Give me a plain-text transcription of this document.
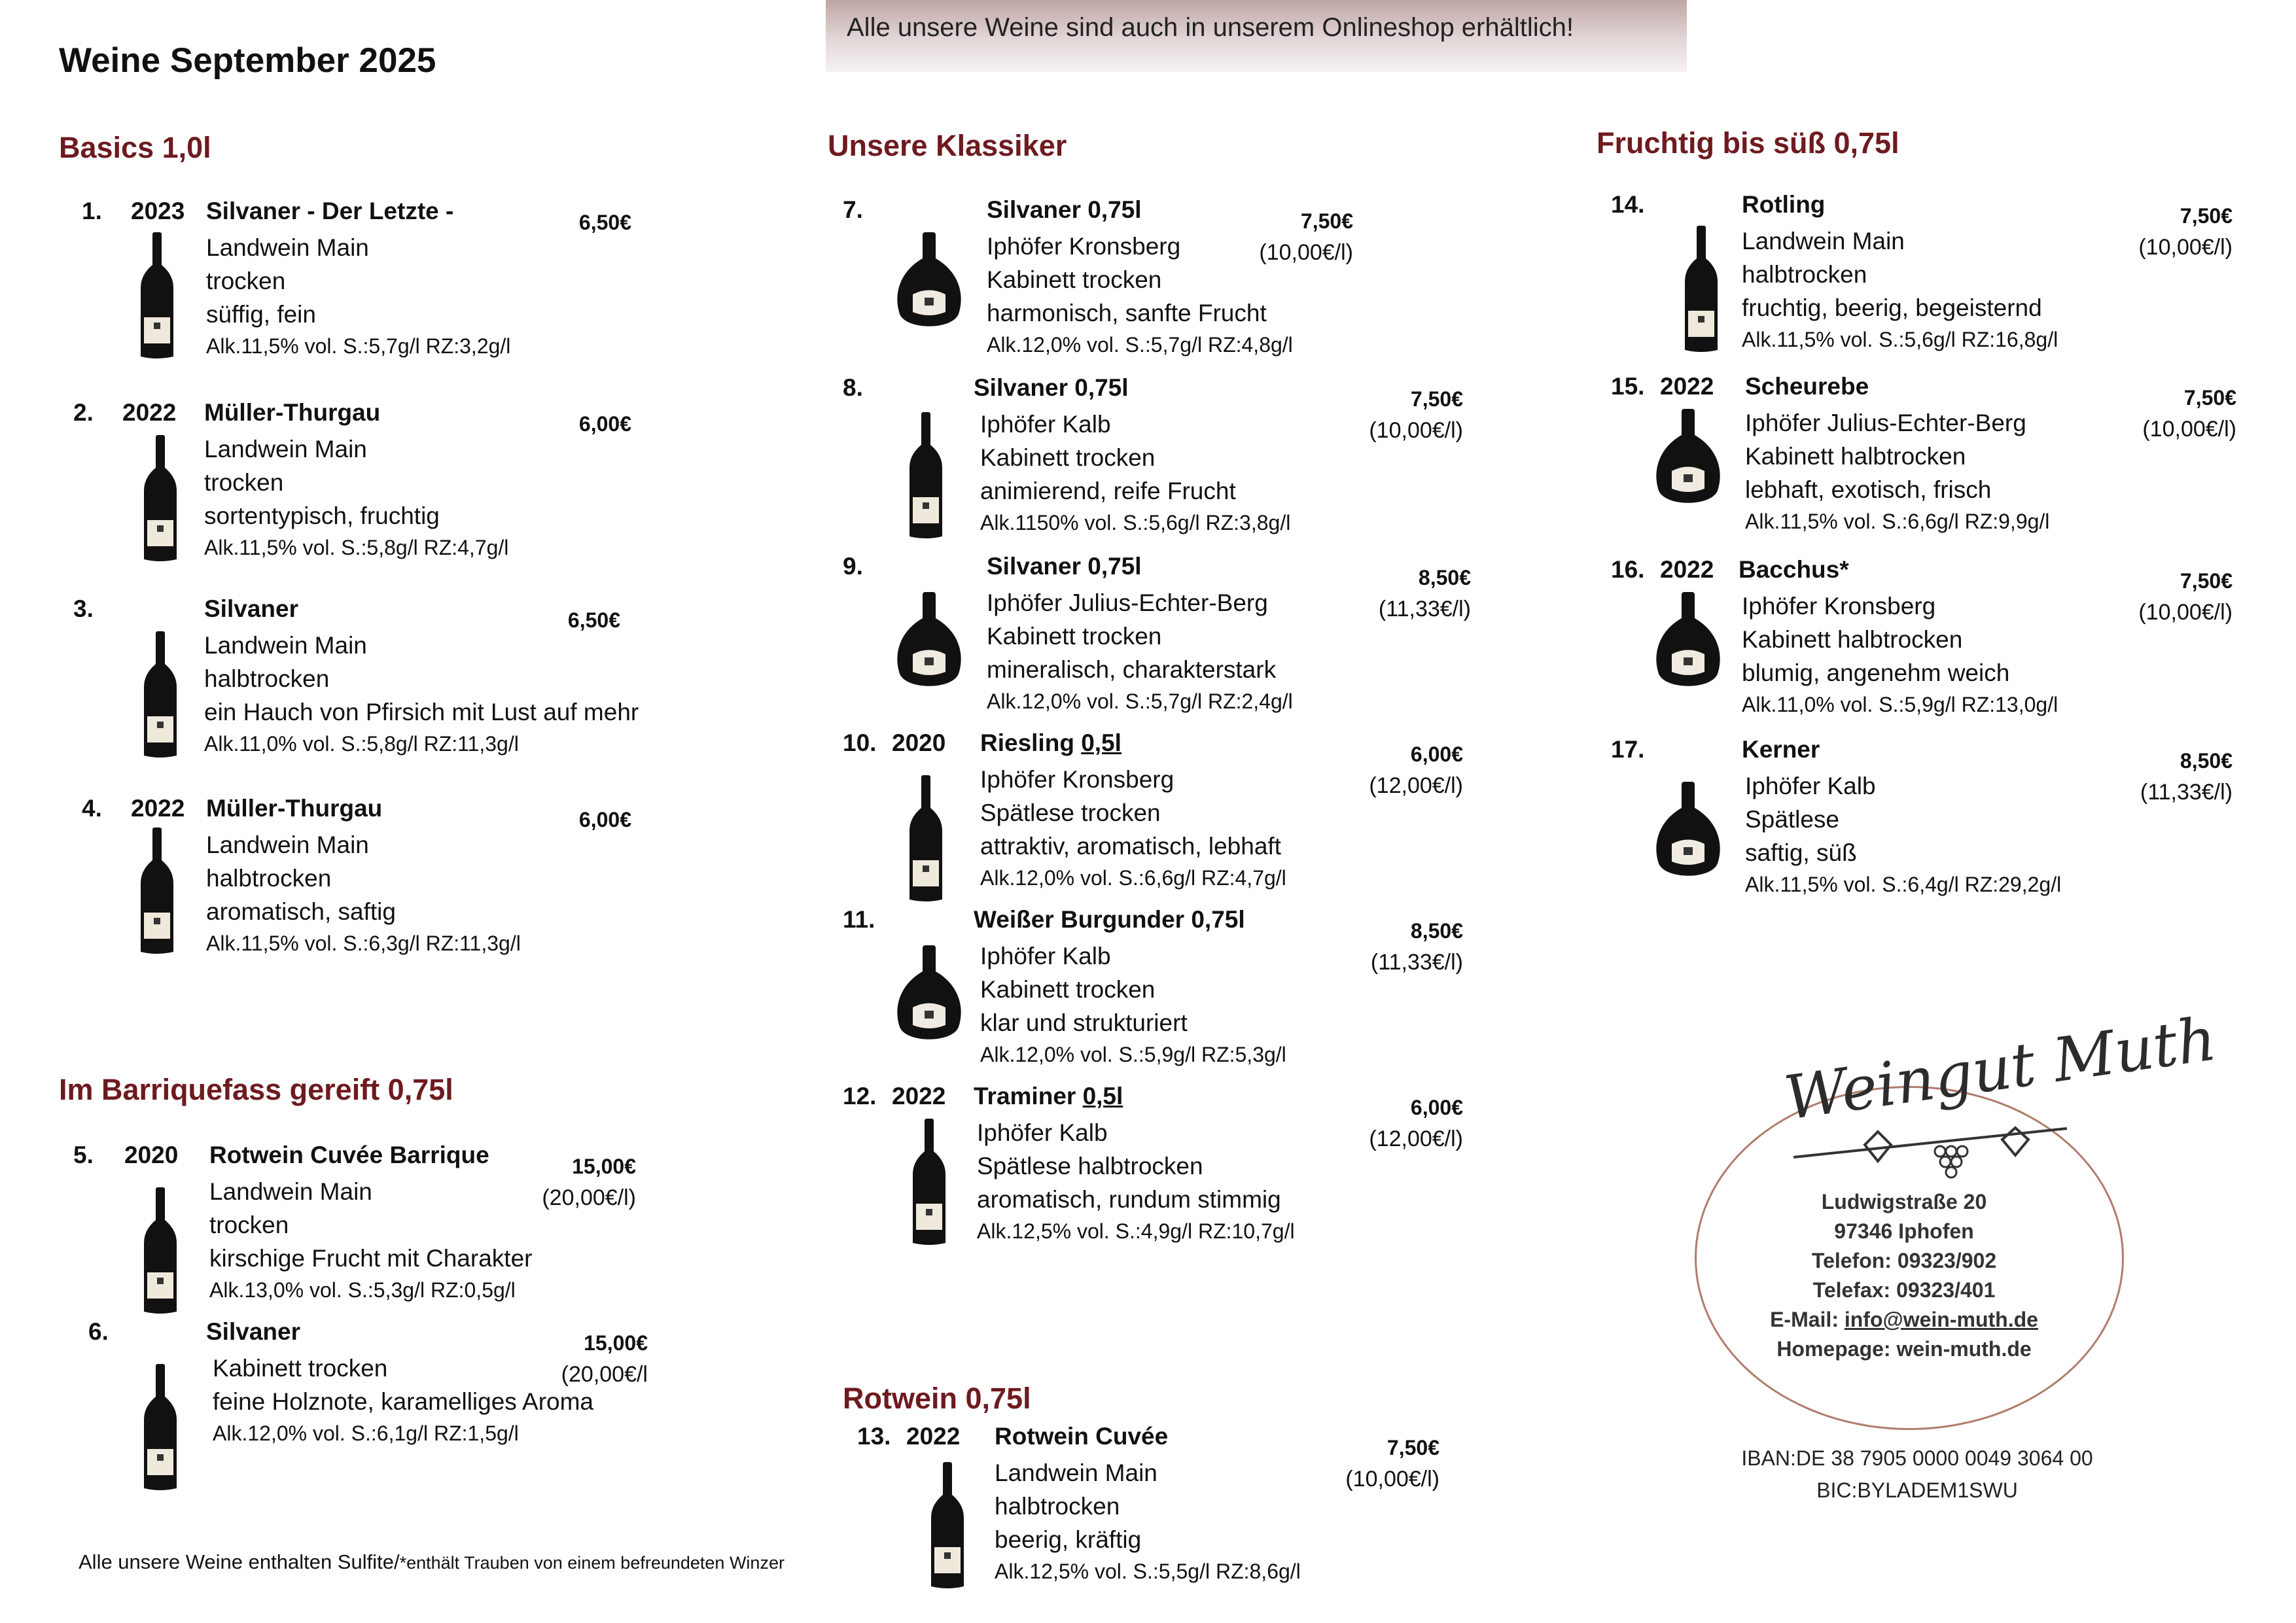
Weine September 2025
Alle unsere Weine sind auch in unserem Onlineshop erhältlich!
Basics 1,0l
Im Barriquefass gereift 0,75l
Unsere Klassiker
Rotwein 0,75l
Fruchtig bis süß 0,75l
1. 2023 Silvaner - Der Letzte -
Landwein Main
trocken
süffig, fein
Alk.11,5% vol. S.:5,7g/l RZ:3,2g/l
6,50€
2. 2022 Müller-Thurgau
Landwein Main
trocken
sortentypisch, fruchtig
Alk.11,5% vol. S.:5,8g/l RZ:4,7g/l
6,00€
3.	Silvaner
Landwein Main
halbtrocken
ein Hauch von Pfirsich mit Lust auf mehr
Alk.11,0% vol. S.:5,8g/l RZ:11,3g/l
6,50€
4. 2022 Müller-Thurgau
Landwein Main
halbtrocken
aromatisch, saftig
Alk.11,5% vol. S.:6,3g/l RZ:11,3g/l
6,00€
5. 2020 Rotwein Cuvée Barrique
Landwein Main
trocken
kirschige Frucht mit Charakter
Alk.13,0% vol. S.:5,3g/l RZ:0,5g/l
15,00€
(20,00€/l)
6.	Silvaner
Kabinett trocken
feine Holznote, karamelliges Aroma
Alk.12,0% vol. S.:6,1g/l RZ:1,5g/l
15,00€
(20,00€/l
7.	Silvaner 0,75l
Iphöfer Kronsberg
Kabinett trocken
harmonisch, sanfte Frucht
Alk.12,0% vol. S.:5,7g/l RZ:4,8g/l
7,50€
(10,00€/l)
8.	Silvaner 0,75l
Iphöfer Kalb
Kabinett trocken
animierend, reife Frucht
Alk.1150% vol. S.:5,6g/l RZ:3,8g/l
7,50€
(10,00€/l)
9.	Silvaner 0,75l
Iphöfer Julius-Echter-Berg
Kabinett trocken
mineralisch, charakterstark
Alk.12,0% vol. S.:5,7g/l RZ:2,4g/l
8,50€
(11,33€/l)
10. 2020 Riesling 0,5l
Iphöfer Kronsberg
Spätlese trocken
attraktiv, aromatisch, lebhaft
Alk.12,0% vol. S.:6,6g/l RZ:4,7g/l
6,00€
(12,00€/l)
11.	Weißer Burgunder 0,75l
Iphöfer Kalb
Kabinett trocken
klar und strukturiert
Alk.12,0% vol. S.:5,9g/l RZ:5,3g/l
8,50€
(11,33€/l)
12. 2022 Traminer 0,5l
Iphöfer Kalb
Spätlese halbtrocken
aromatisch, rundum stimmig
Alk.12,5% vol. S.:4,9g/l RZ:10,7g/l
6,00€
(12,00€/l)
13. 2022 Rotwein Cuvée
Landwein Main
halbtrocken
beerig, kräftig
Alk.12,5% vol. S.:5,5g/l RZ:8,6g/l
7,50€
(10,00€/l)
14.	Rotling
Landwein Main
halbtrocken
fruchtig, beerig, begeisternd
Alk.11,5% vol. S.:5,6g/l RZ:16,8g/l
7,50€
(10,00€/l)
15. 2022 Scheurebe
Iphöfer Julius-Echter-Berg
Kabinett halbtrocken
lebhaft, exotisch, frisch
Alk.11,5% vol. S.:6,6g/l RZ:9,9g/l
7,50€
(10,00€/l)
16. 2022 Bacchus*
Iphöfer Kronsberg
Kabinett halbtrocken
blumig, angenehm weich
Alk.11,0% vol. S.:5,9g/l RZ:13,0g/l
7,50€
(10,00€/l)
17.	Kerner
Iphöfer Kalb
Spätlese
saftig, süß
Alk.11,5% vol. S.:6,4g/l RZ:29,2g/l
8,50€
(11,33€/l)
Weingut Muth
Ludwigstraße 20
97346 Iphofen
Telefon: 09323/902
Telefax: 09323/401
E-Mail: info@wein-muth.de
Homepage: wein-muth.de
IBAN:DE 38 7905 0000 0049 3064 00
BIC:BYLADEM1SWU
Alle unsere Weine enthalten Sulfite/*enthält Trauben von einem befreundeten Winzer
